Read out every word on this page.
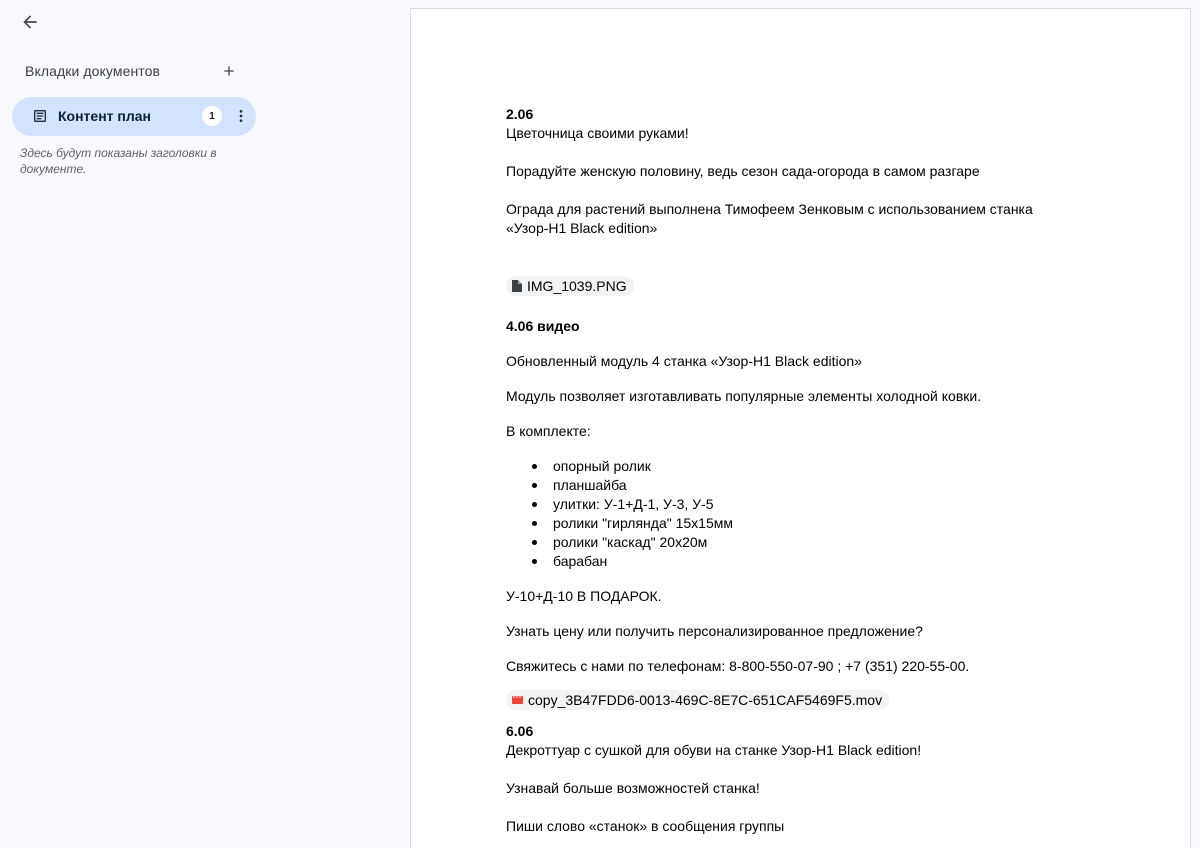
Вкладки документов
Контент план	1
Здесь будут показаны заголовки в документе.

2.06

Цветочница своими руками!

Порадуйте женскую половину, ведь сезон сада-огорода в самом разгаре

Ограда для растений выполнена Тимофеем Зенковым с использованием станка «Узор-Н1 Black edition»

IMG_1039.PNG

4.06 видео

Обновленный модуль 4 станка «Узор-Н1 Black edition»

Модуль позволяет изготавливать популярные элементы холодной ковки.

В комплекте:

опорный ролик
планшайба
улитки: У-1+Д-1, У-3, У-5
ролики "гирлянда" 15х15мм
ролики "каскад" 20х20м
барабан

У-10+Д-10 В ПОДАРОК.

Узнать цену или получить персонализированное предложение?

Свяжитесь с нами по телефонам: 8-800-550-07-90 ; +7 (351) 220-55-00.

copy_3B47FDD6-0013-469C-8E7C-651CAF5469F5.mov

6.06

Декроттуар с сушкой для обуви на станке Узор-Н1 Black edition!

Узнавай больше возможностей станка!

Пиши слово «станок» в сообщения группы
